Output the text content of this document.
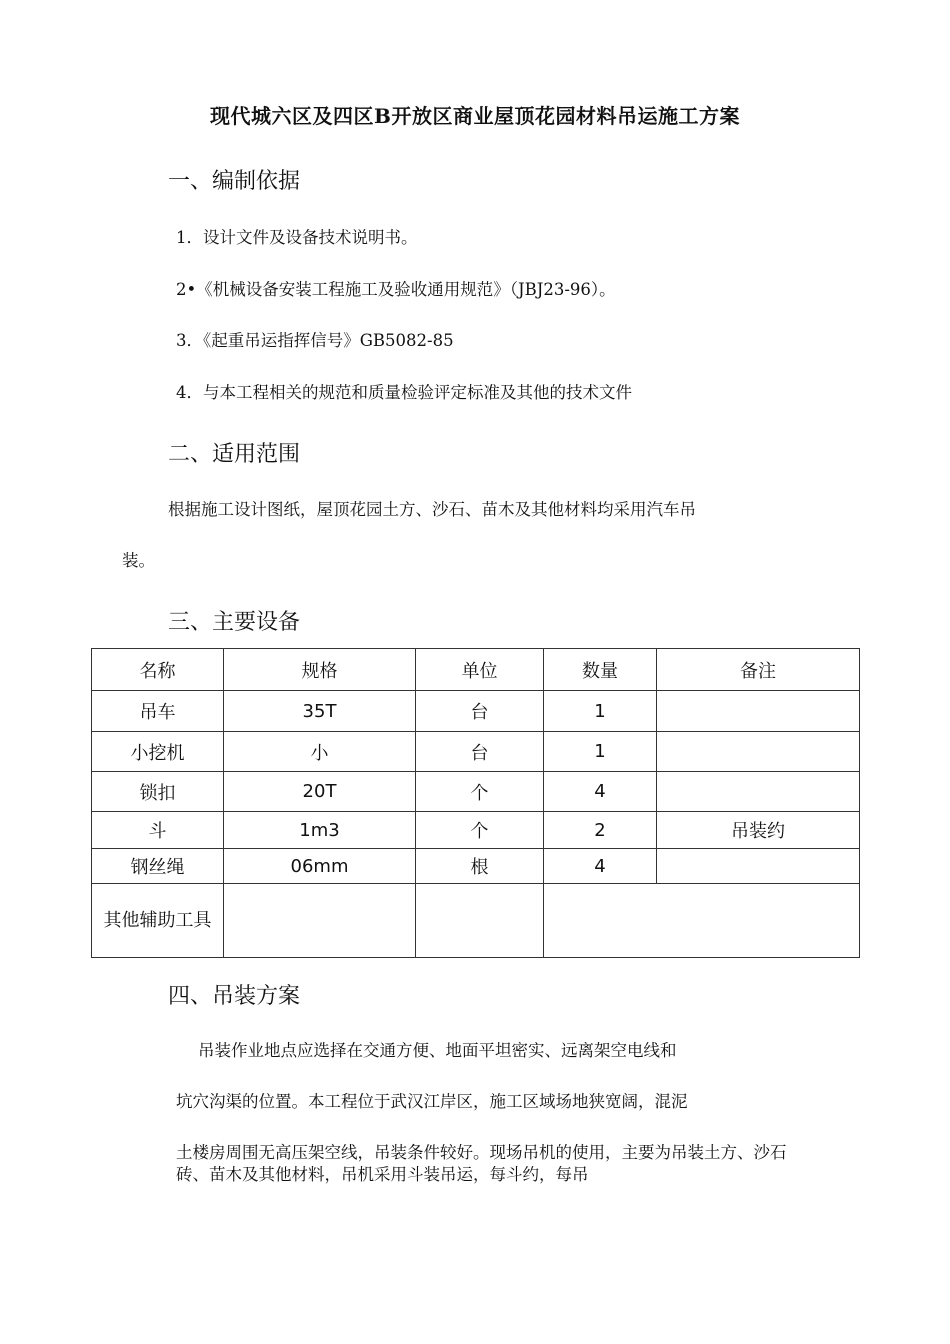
现代城六区及四区B开放区商业屋顶花园材料吊运施工方案
一、编制依据
1．设计文件及设备技术说明书。
2•《机械设备安装工程施工及验收通用规范》（JBJ23-96）。
3．《起重吊运指挥信号》GB5082-85
4．与本工程相关的规范和质量检验评定标准及其他的技术文件
二、适用范围
根据施工设计图纸，屋顶花园土方、沙石、苗木及其他材料均采用汽车吊
装。
三、主要设备
名称	规格	单位	数量	备注
吊车	35T	台	1	
小挖机	小	台	1	
锁扣	20T	个	4	
斗	1m3	个	2	吊装约
钢丝绳	06mm	根	4	
其他辅助工具				
四、吊装方案
吊装作业地点应选择在交通方便、地面平坦密实、远离架空电线和
坑穴沟渠的位置。本工程位于武汉江岸区，施工区域场地狭宽阔，混泥
土楼房周围无高压架空线，吊装条件较好。现场吊机的使用，主要为吊装土方、沙石
砖、苗木及其他材料，吊机采用斗装吊运，每斗约，每吊
